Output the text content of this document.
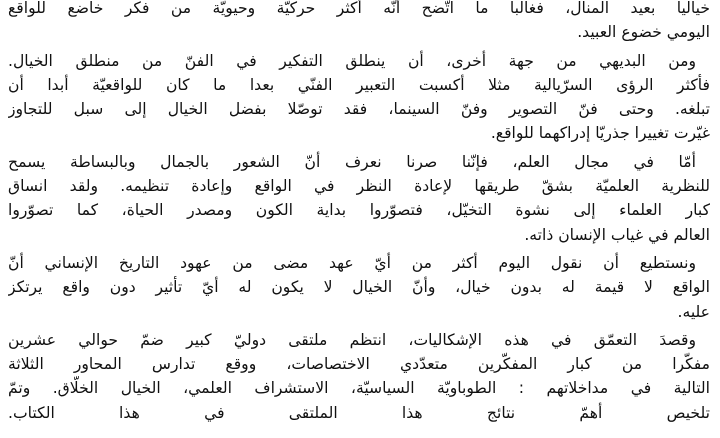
خياليا بعيد المنال، فغالبا ما اتّضح أنّه أكثر حركيّة وحيويّة من فكر خاضع للواقع
اليومي خضوع العبيد.

ومن البديهي من جهة أخرى، أن ينطلق التفكير في الفنّ من منطلق الخيال.
فأكثر الرؤى السرّيالية مثلا أكسبت التعبير الفنّي بعدا ما كان للواقعيّة أبدا أن
تبلغه. وحتى فنّ التصوير وفنّ السينما، فقد توصّلا بفضل الخيال إلى سبل للتجاوز
غيّرت تغييرا جذريّا إدراكهما للواقع.

أمّا في مجال العلم، فإنّنا صرنا نعرف أنّ الشعور بالجمال وبالبساطة يسمح
للنظرية العلميّة بشقّ طريقها لإعادة النظر في الواقع وإعادة تنظيمه. ولقد انساق
كبار العلماء إلى نشوة التخيّل، فتصوّروا بداية الكون ومصدر الحياة، كما تصوّروا
العالم في غياب الإنسان ذاته.

ونستطيع أن نقول اليوم أكثر من أيّ عهد مضى من عهود التاريخ الإنساني أنّ
الواقع لا قيمة له بدون خيال، وأنّ الخيال لا يكون له أيّ تأثير دون واقع يرتكز
عليه.

وقصدَ التعمّق في هذه الإشكاليات، انتظم ملتقى دوليّ كبير ضمّ حوالي عشرين
مفكّرا من كبار المفكّرين متعدّدي الاختصاصات، ووقع تدارس المحاور الثلاثة
التالية في مداخلاتهم : الطوباويّة السياسيّة، الاستشراف العلمي، الخيال الخلّاق. وتمّ
تلخيص أهمّ نتائج هذا الملتقى في هذا الكتاب.
